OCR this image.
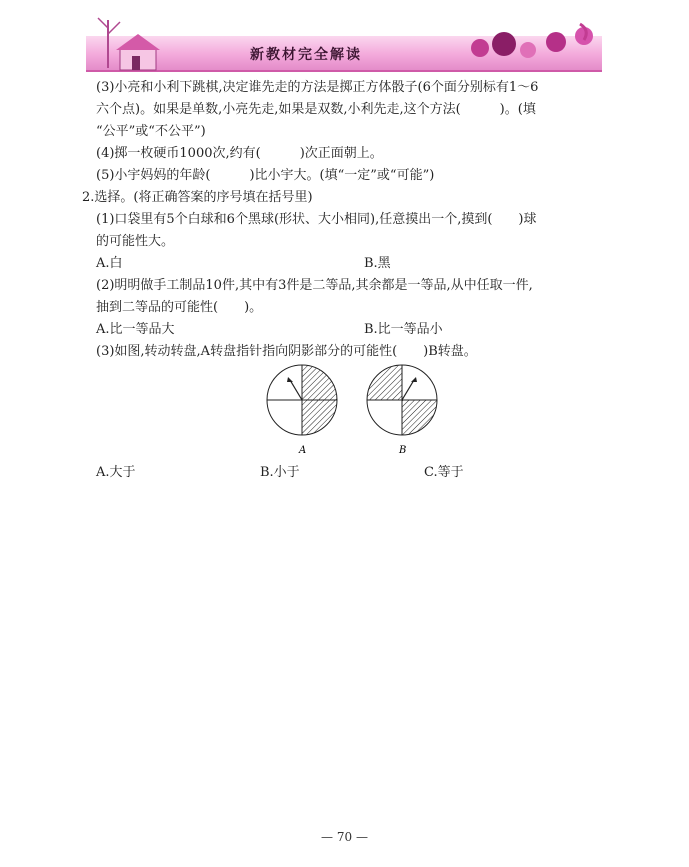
新教材完全解读
(3)小亮和小利下跳棋,决定谁先走的方法是掷正方体骰子(6个面分别标有1～6
六个点)。如果是单数,小亮先走,如果是双数,小利先走,这个方法(　　　)。(填
“公平”或“不公平”)
(4)掷一枚硬币1000次,约有(　　　)次正面朝上。
(5)小宇妈妈的年龄(　　　)比小宇大。(填“一定”或“可能”)
2.选择。(将正确答案的序号填在括号里)
(1)口袋里有5个白球和6个黑球(形状、大小相同),任意摸出一个,摸到(　　)球
的可能性大。
A.白	B.黑
(2)明明做手工制品10件,其中有3件是二等品,其余都是一等品,从中任取一件,
抽到二等品的可能性(　　)。
A.比一等品大	B.比一等品小
(3)如图,转动转盘,A转盘指针指向阴影部分的可能性(　　)B转盘。
A	B
A.大于	B.小于	C.等于
— 70 —
